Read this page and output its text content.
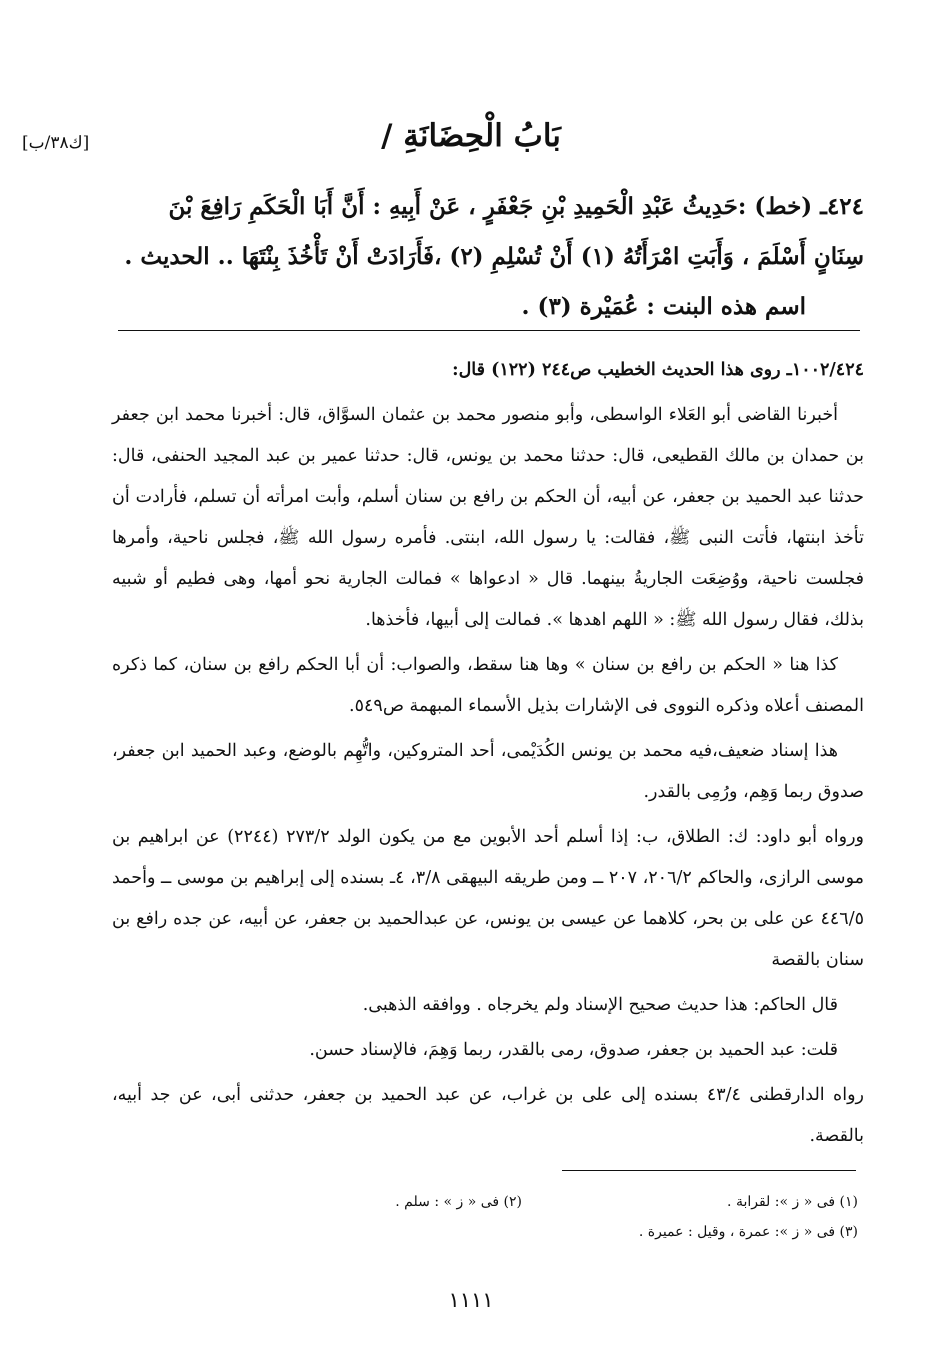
[ك٣٨/ب]	بَابُ الْحِضَانَةِ /

٤٢٤ـ (خط) :حَدِيثُ عَبْدِ الْحَمِيدِ بْنِ جَعْفَرٍ ، عَنْ أَبِيهِ : أَنَّ أَبَا الْحَكَمِ رَافِعَ بْنَ

سِنَانٍ أَسْلَمَ ، وَأَبَتِ امْرَأَتُهُ (١) أَنْ تُسْلِمِ (٢) ،فَأَرَادَتْ أَنْ تَأْخُذَ بِنْتَهَا .. الحديث .

اسم هذه البنت : عُمَيْرة (٣) .

١٠٠٢/٤٢٤ـ روى هذا الحديث الخطيب ص٢٤٤ (١٢٢) قال:

أخبرنا القاضى أبو العَلاء الواسطى، وأبو منصور محمد بن عثمان السوَّاق، قال: أخبرنا محمد ابن جعفر بن حمدان بن مالك القطيعى، قال: حدثنا محمد بن يونس، قال: حدثنا عمير بن عبد المجيد الحنفى، قال: حدثنا عبد الحميد بن جعفر، عن أبيه، أن الحكم بن رافع بن سنان أسلم، وأبت امرأته أن تسلم، فأرادت أن تأخذ ابنتها، فأتت النبى ﷺ، فقالت: يا رسول الله، ابنتى. فأمره رسول الله ﷺ، فجلس ناحية، وأمرها فجلست ناحية، ووُضِعَت الجاريةُ بينهما. قال « ادعواها » فمالت الجارية نحو أمها، وهى فطيم أو شبيه بذلك، فقال رسول الله ﷺ: « اللهم اهدها ». فمالت إلى أبيها، فأخذها.

كذا هنا « الحكم بن رافع بن سنان » وها هنا سقط، والصواب: أن أبا الحكم رافع بن سنان، كما ذكره المصنف أعلاه وذكره النووى فى الإشارات بذيل الأسماء المبهمة ص٥٤٩.

هذا إسناد ضعيف،فيه محمد بن يونس الكُدَيْمى، أحد المتروكين، واتُّهِم بالوضع، وعبد الحميد ابن جعفر، صدوق ربما وَهِم، ورُمِى بالقدر.

ورواه أبو داود: ك: الطلاق، ب: إذا أسلم أحد الأبوين مع من يكون الولد ٢٧٣/٢ (٢٢٤٤) عن ابراهيم بن موسى الرازى، والحاكم ٢٠٦/٢، ٢٠٧ ــ ومن طريقه البيهقى ٣/٨، ٤ـ بسنده إلى إبراهيم بن موسى ــ وأحمد ٤٤٦/٥ عن على بن بحر، كلاهما عن عيسى بن يونس، عن عبدالحميد بن جعفر، عن أبيه، عن جده رافع بن سنان بالقصة

قال الحاكم: هذا حديث صحيح الإسناد ولم يخرجاه . ووافقه الذهبى.

قلت: عبد الحميد بن جعفر، صدوق، رمى بالقدر، ربما وَهِمَ، فالإسناد حسن.

رواه الدارقطنى ٤٣/٤ بسنده إلى على بن غراب، عن عبد الحميد بن جعفر، حدثنى أبى، عن جد أبيه، بالقصة.

(١) فى « ز »: لقرابة .
(٢) فى « ز » : سلم .
(٣) فى « ز »: عمرة ، وقيل : عميرة .
١١١١
